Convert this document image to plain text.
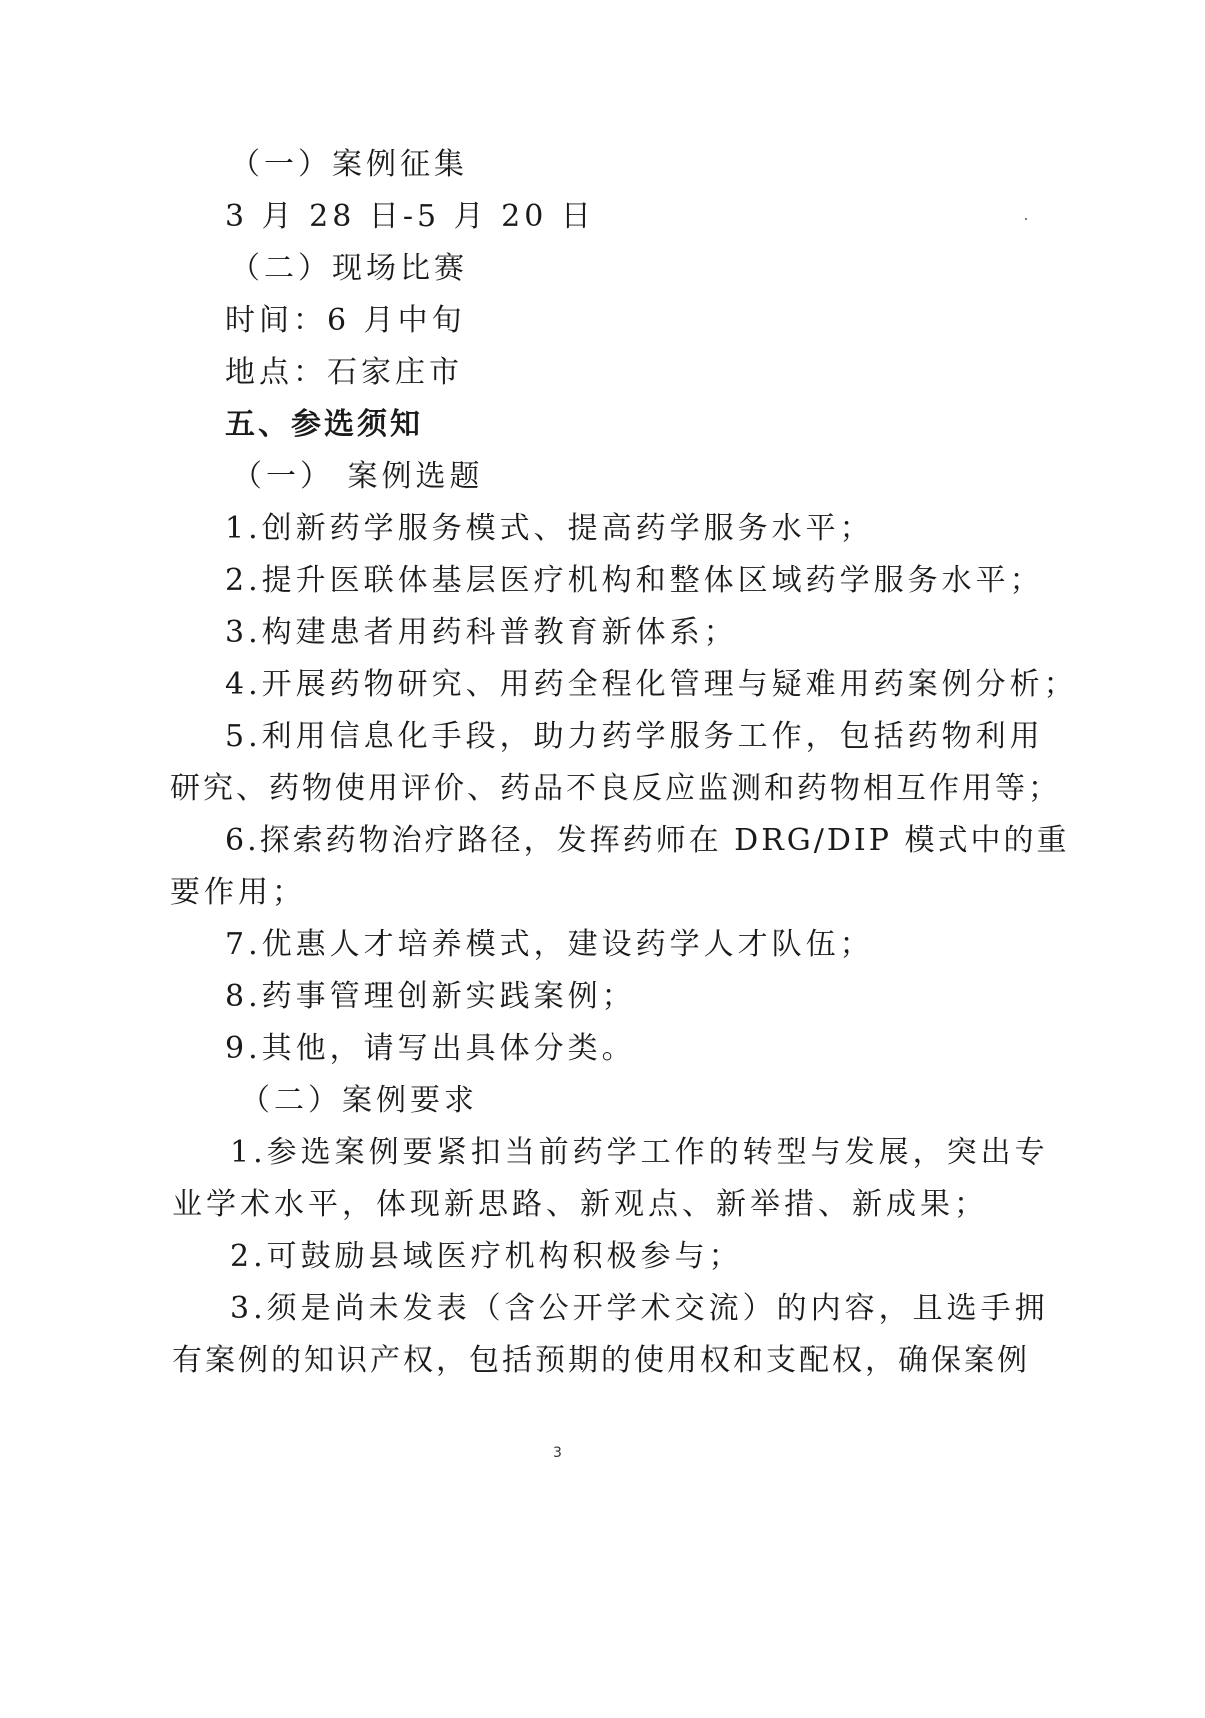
（一）案例征集
3 月 28 日-5 月 20 日
（二）现场比赛
时间：6 月中旬
地点：石家庄市
五、参选须知
（一） 案例选题
1.创新药学服务模式、提高药学服务水平；
2.提升医联体基层医疗机构和整体区域药学服务水平；
3.构建患者用药科普教育新体系；
4.开展药物研究、用药全程化管理与疑难用药案例分析；
5.利用信息化手段，助力药学服务工作，包括药物利用
研究、药物使用评价、药品不良反应监测和药物相互作用等；
6.探索药物治疗路径，发挥药师在 DRG/DIP 模式中的重
要作用；
7.优惠人才培养模式，建设药学人才队伍；
8.药事管理创新实践案例；
9.其他，请写出具体分类。
（二）案例要求
1.参选案例要紧扣当前药学工作的转型与发展，突出专
业学术水平，体现新思路、新观点、新举措、新成果；
2.可鼓励县域医疗机构积极参与；
3.须是尚未发表（含公开学术交流）的内容，且选手拥
有案例的知识产权，包括预期的使用权和支配权，确保案例
3
